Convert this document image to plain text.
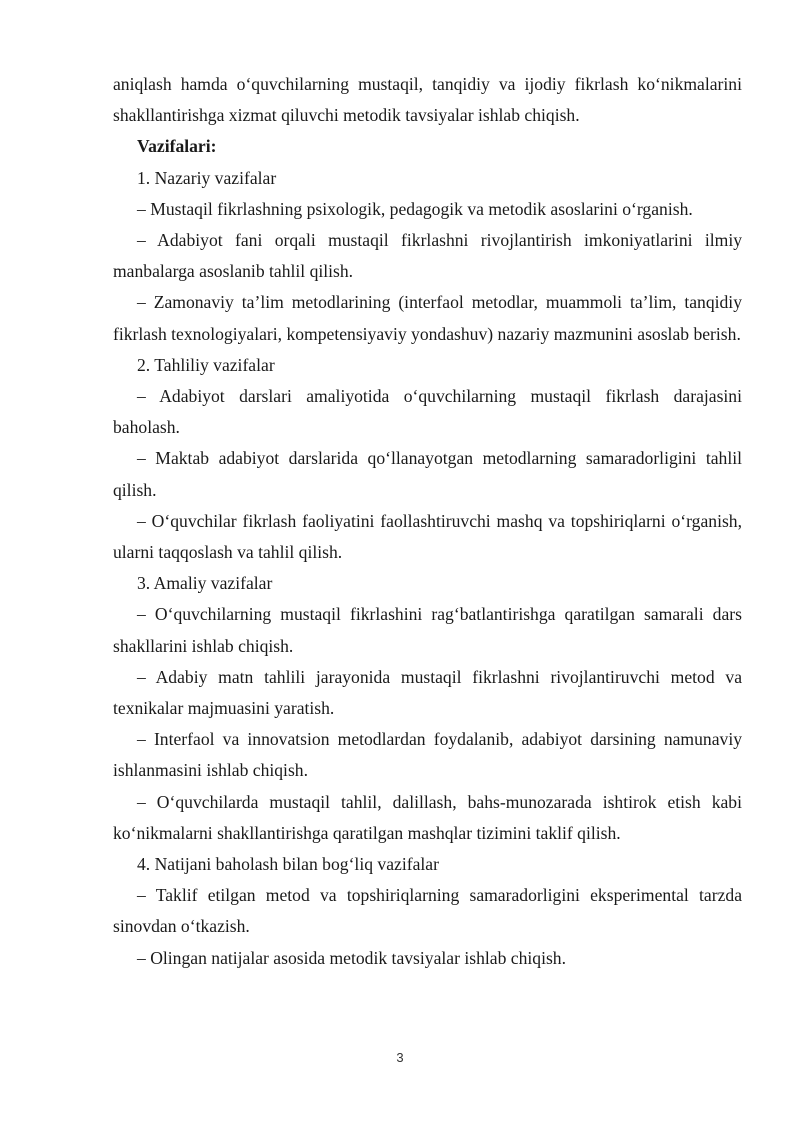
aniqlash hamda o‘quvchilarning mustaqil, tanqidiy va ijodiy fikrlash ko‘nikmalarini shakllantirishga xizmat qiluvchi metodik tavsiyalar ishlab chiqish.

Vazifalari:

1. Nazariy vazifalar

– Mustaqil fikrlashning psixologik, pedagogik va metodik asoslarini o‘rganish.

– Adabiyot fani orqali mustaqil fikrlashni rivojlantirish imkoniyatlarini ilmiy manbalarga asoslanib tahlil qilish.

– Zamonaviy ta’lim metodlarining (interfaol metodlar, muammoli ta’lim, tanqidiy fikrlash texnologiyalari, kompetensiyaviy yondashuv) nazariy mazmunini asoslab berish.

2. Tahliliy vazifalar

– Adabiyot darslari amaliyotida o‘quvchilarning mustaqil fikrlash darajasini baholash.

– Maktab adabiyot darslarida qo‘llanayotgan metodlarning samaradorligini tahlil qilish.

– O‘quvchilar fikrlash faoliyatini faollashtiruvchi mashq va topshiriqlarni o‘rganish, ularni taqqoslash va tahlil qilish.

3. Amaliy vazifalar

– O‘quvchilarning mustaqil fikrlashini rag‘batlantirishga qaratilgan samarali dars shakllarini ishlab chiqish.

– Adabiy matn tahlili jarayonida mustaqil fikrlashni rivojlantiruvchi metod va texnikalar majmuasini yaratish.

– Interfaol va innovatsion metodlardan foydalanib, adabiyot darsining namunaviy ishlanmasini ishlab chiqish.

– O‘quvchilarda mustaqil tahlil, dalillash, bahs-munozarada ishtirok etish kabi ko‘nikmalarni shakllantirishga qaratilgan mashqlar tizimini taklif qilish.

4. Natijani baholash bilan bog‘liq vazifalar

– Taklif etilgan metod va topshiriqlarning samaradorligini eksperimental tarzda sinovdan o‘tkazish.

– Olingan natijalar asosida metodik tavsiyalar ishlab chiqish.

3
